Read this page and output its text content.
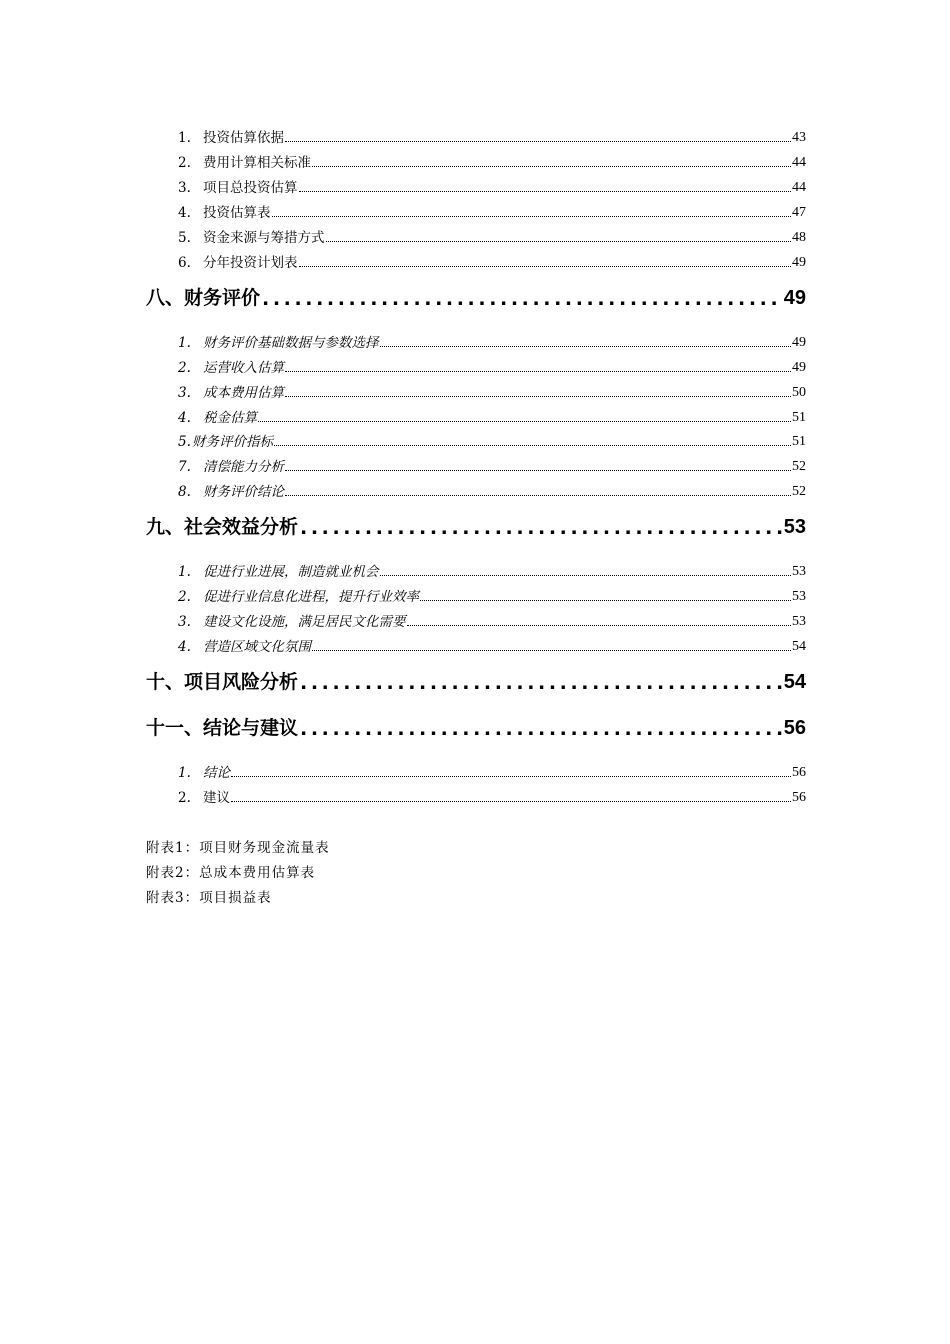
1. 投资估算依据	43
2. 费用计算相关标准	44
3. 项目总投资估算	44
4. 投资估算表	47
5. 资金来源与筹措方式	48
6. 分年投资计划表	49
八、财务评价 .....	49
1. 财务评价基础数据与参数选择	49
2. 运营收入估算	49
3. 成本费用估算	50
4. 税金估算	51
5. 财务评价指标	51
7. 清偿能力分析	52
8. 财务评价结论	52
九、社会效益分析 .....	53
1. 促进行业进展，制造就业机会	53
2. 促进行业信息化进程，提升行业效率	53
3. 建设文化设施，满足居民文化需要	53
4. 营造区域文化氛围	54
十、项目风险分析 .....	54
十一、结论与建议 .....	56
1. 结论	56
2. 建议	56
附表1：项目财务现金流量表
附表2：总成本费用估算表
附表3：项目损益表
